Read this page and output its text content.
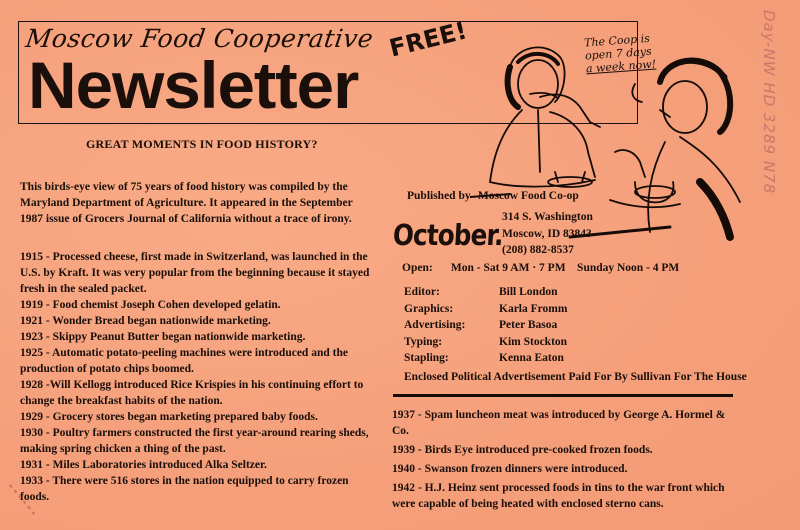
Moscow Food Cooperative
Newsletter
FREE!	The Coop is
open 7 days
a week now!	Day-NW HD 3289 N78
GREAT MOMENTS IN FOOD HISTORY?
This birds-eye view of 75 years of food history was compiled by the Maryland Department of Agriculture. It appeared in the September 1987 issue of Grocers Journal of California without a trace of irony.
1915 - Processed cheese, first made in Switzerland, was launched in the U.S. by Kraft. It was very popular from the beginning because it stayed fresh in the sealed packet.
1919 - Food chemist Joseph Cohen developed gelatin.
1921 - Wonder Bread began nationwide marketing.
1923 - Skippy Peanut Butter began nationwide marketing.
1925 - Automatic potato-peeling machines were introduced and the production of potato chips boomed.
1928 -Will Kellogg introduced Rice Krispies in his continuing effort to change the breakfast habits of the nation.
1929 - Grocery stores began marketing prepared baby foods.
1930 - Poultry farmers constructed the first year-around rearing sheds, making spring chicken a thing of the past.
1931 - Miles Laboratories introduced Alka Seltzer.
1933 - There were 516 stores in the nation equipped to carry frozen foods.
Published by Moscow Food Co-op
October.
314 S. Washington
Moscow, ID 83843
(208) 882-8537
Open: Mon - Sat 9 AM · 7 PM Sunday Noon - 4 PM
Editor:	Bill London
Graphics:	Karla Fromm
Advertising:	Peter Basoa
Typing:	Kim Stockton
Stapling:	Kenna Eaton
Enclosed Political Advertisement Paid For By Sullivan For The House
1937 - Spam luncheon meat was introduced by George A. Hormel & Co.
1939 - Birds Eye introduced pre-cooked frozen foods.
1940 - Swanson frozen dinners were introduced.
1942 - H.J. Heinz sent processed foods in tins to the war front which were capable of being heated with enclosed sterno cans.
